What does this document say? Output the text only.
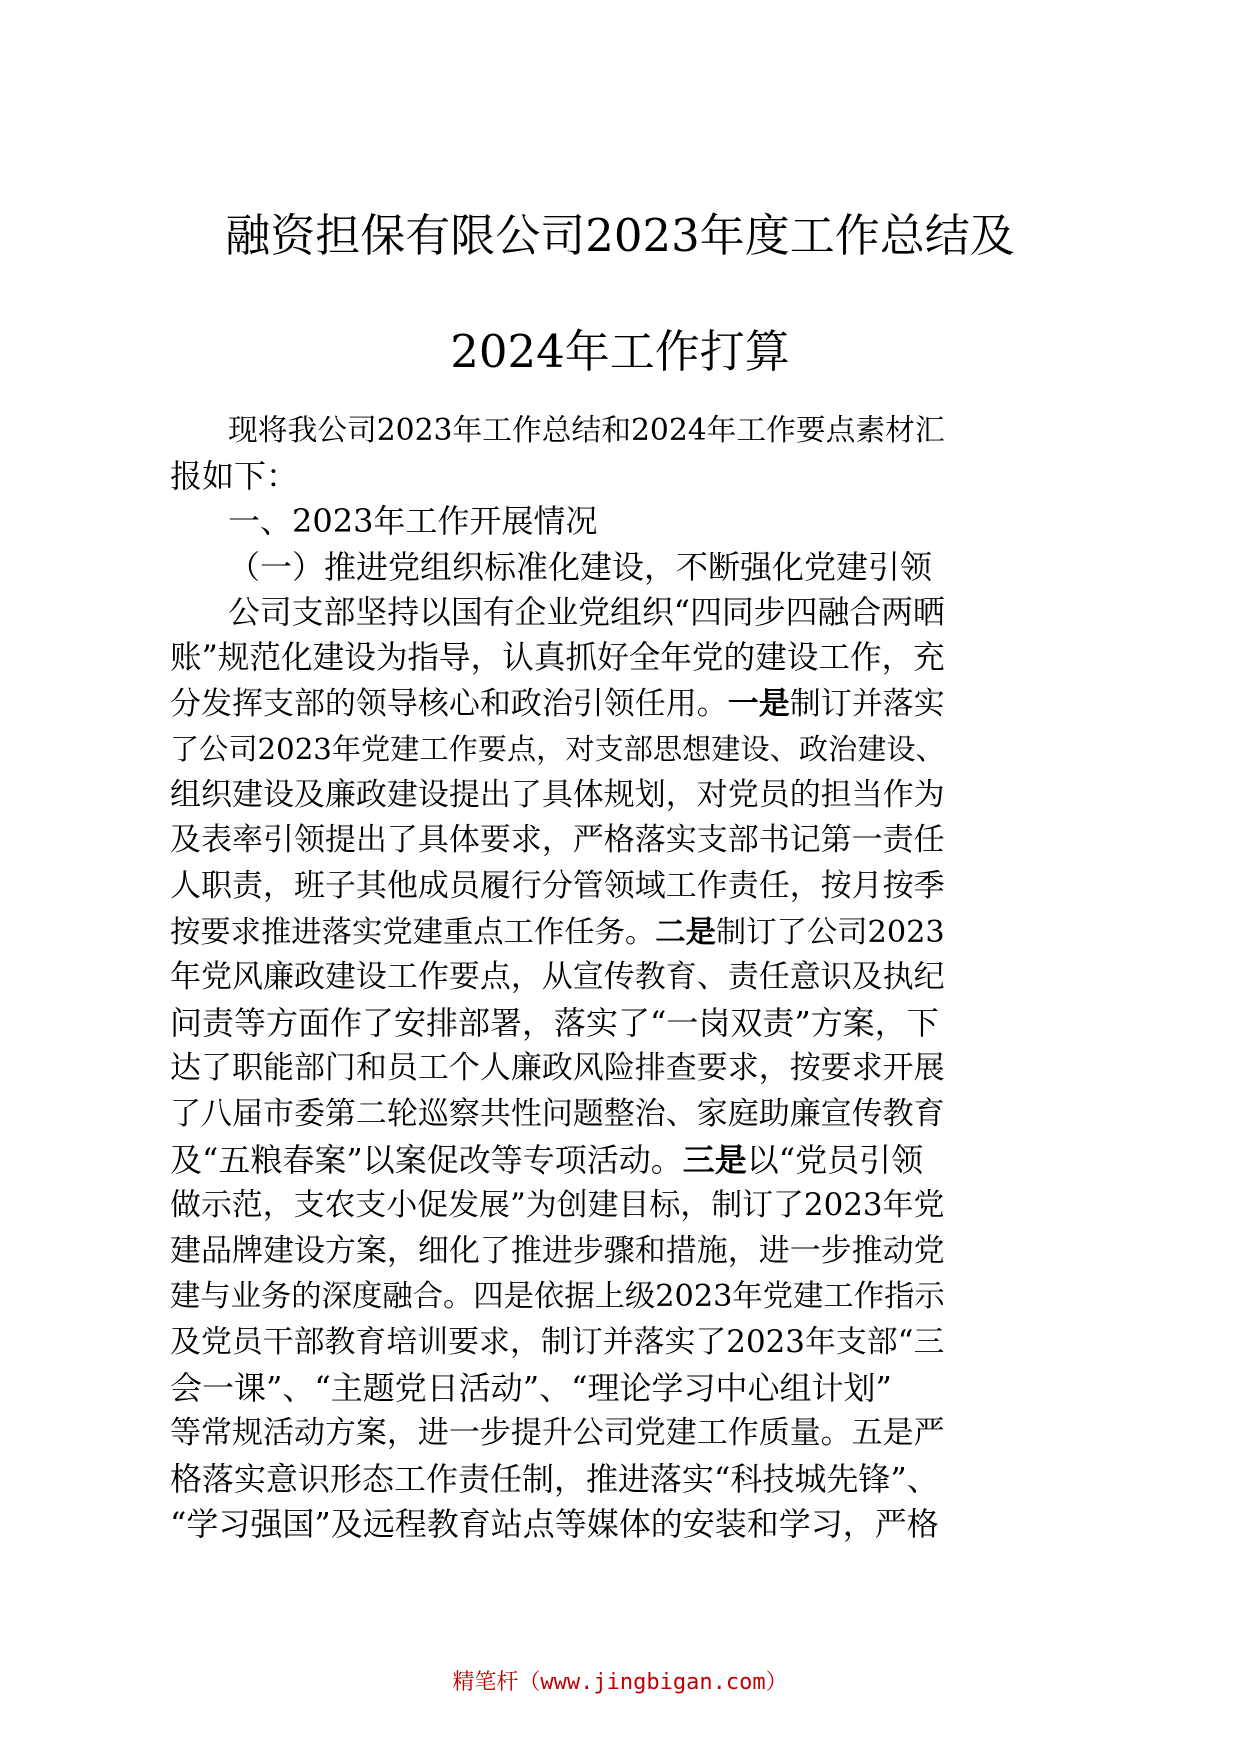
融资担保有限公司2023年度工作总结及
2024年工作打算
现将我公司2023年工作总结和2024年工作要点素材汇
报如下：
一、2023年工作开展情况
（一）推进党组织标准化建设，不断强化党建引领
公司支部坚持以国有企业党组织“四同步四融合两晒
账”规范化建设为指导，认真抓好全年党的建设工作，充
分发挥支部的领导核心和政治引领任用。一是制订并落实
了公司2023年党建工作要点，对支部思想建设、政治建设、
组织建设及廉政建设提出了具体规划，对党员的担当作为
及表率引领提出了具体要求，严格落实支部书记第一责任
人职责，班子其他成员履行分管领域工作责任，按月按季
按要求推进落实党建重点工作任务。二是制订了公司2023
年党风廉政建设工作要点，从宣传教育、责任意识及执纪
问责等方面作了安排部署，落实了“一岗双责”方案，下
达了职能部门和员工个人廉政风险排查要求，按要求开展
了八届市委第二轮巡察共性问题整治、家庭助廉宣传教育
及“五粮春案”以案促改等专项活动。三是以“党员引领
做示范，支农支小促发展”为创建目标，制订了2023年党
建品牌建设方案，细化了推进步骤和措施，进一步推动党
建与业务的深度融合。四是依据上级2023年党建工作指示
及党员干部教育培训要求，制订并落实了2023年支部“三
会一课”、“主题党日活动”、“理论学习中心组计划”
等常规活动方案，进一步提升公司党建工作质量。五是严
格落实意识形态工作责任制，推进落实“科技城先锋”、
“学习强国”及远程教育站点等媒体的安装和学习，严格
精笔杆（www.jingbigan.com）
